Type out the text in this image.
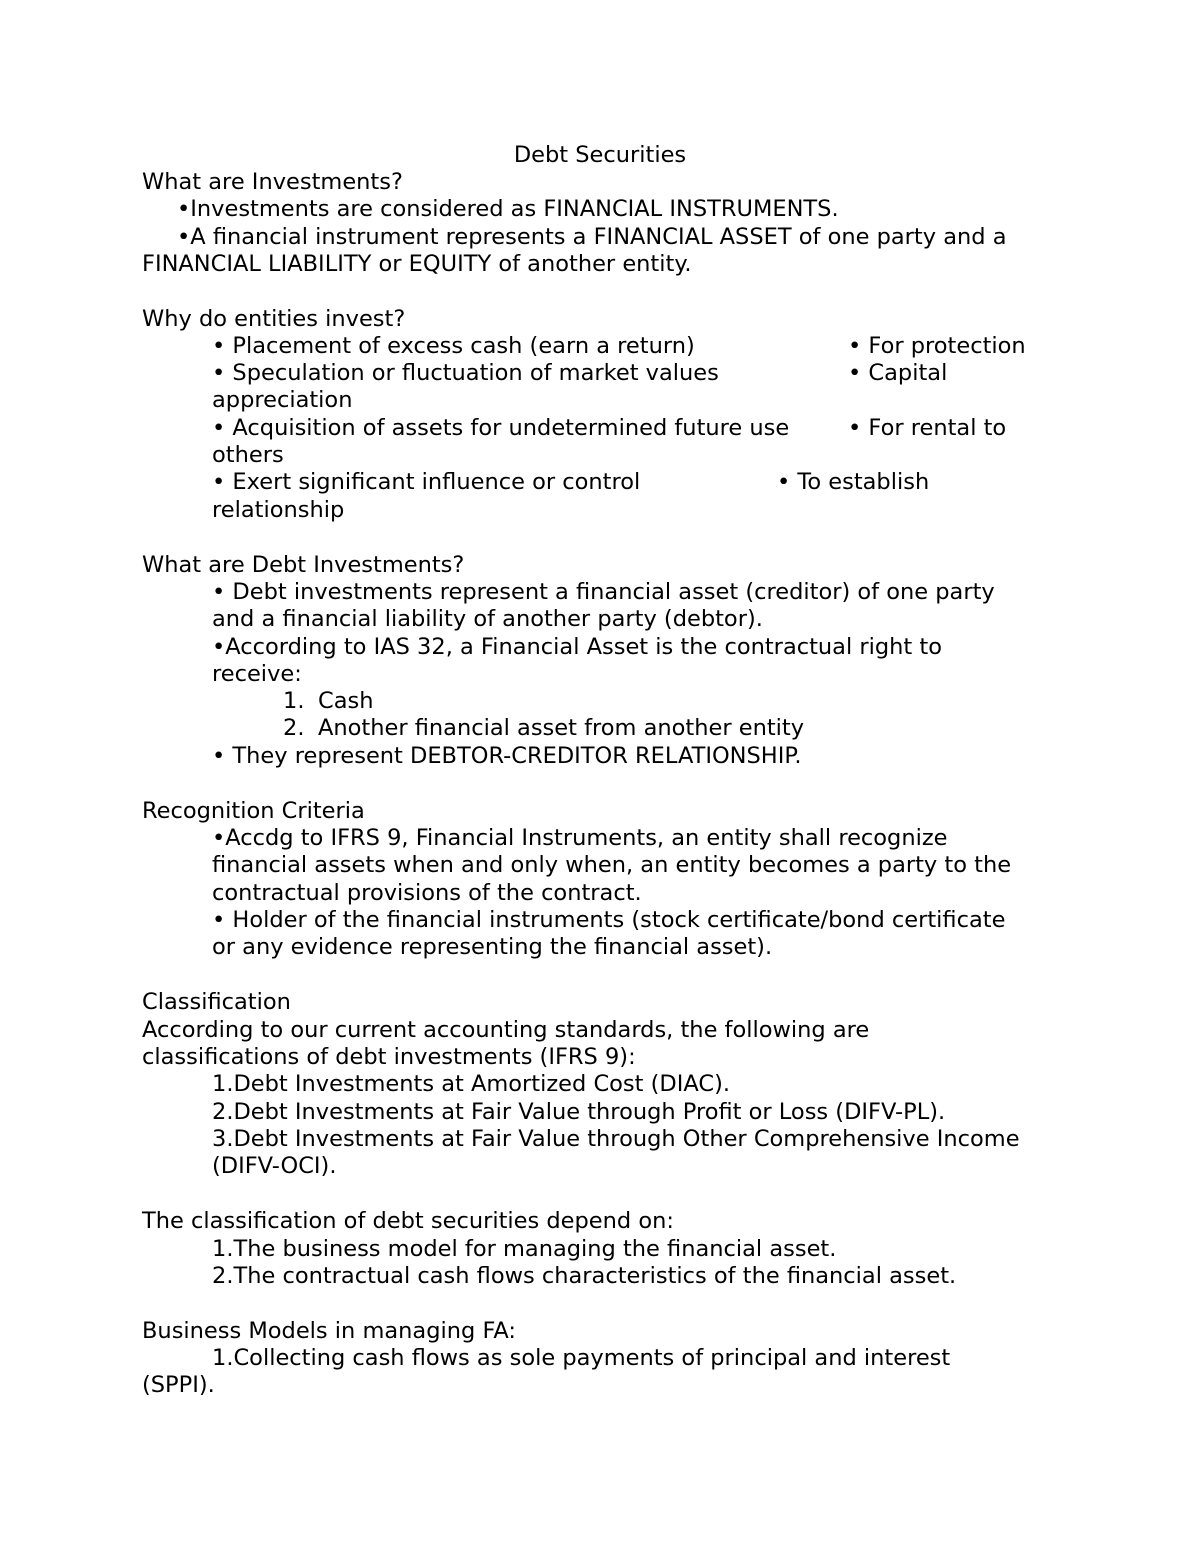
Debt Securities
What are Investments?
•Investments are considered as FINANCIAL INSTRUMENTS.
•A financial instrument represents a FINANCIAL ASSET of one party and a
FINANCIAL LIABILITY or EQUITY of another entity.
Why do entities invest?
• Placement of excess cash (earn a return)	• For protection
• Speculation or fluctuation of market values	• Capital
appreciation
• Acquisition of assets for undetermined future use	• For rental to
others
• Exert significant influence or control	• To establish
relationship
What are Debt Investments?
• Debt investments represent a financial asset (creditor) of one party
and a financial liability of another party (debtor).
•According to IAS 32, a Financial Asset is the contractual right to
receive:
1. Cash
2. Another financial asset from another entity
• They represent DEBTOR-CREDITOR RELATIONSHIP.
Recognition Criteria
•Accdg to IFRS 9, Financial Instruments, an entity shall recognize
financial assets when and only when, an entity becomes a party to the
contractual provisions of the contract.
• Holder of the financial instruments (stock certificate/bond certificate
or any evidence representing the financial asset).
Classification
According to our current accounting standards, the following are
classifications of debt investments (IFRS 9):
1.Debt Investments at Amortized Cost (DIAC).
2.Debt Investments at Fair Value through Profit or Loss (DIFV-PL).
3.Debt Investments at Fair Value through Other Comprehensive Income
(DIFV-OCI).
The classification of debt securities depend on:
1.The business model for managing the financial asset.
2.The contractual cash flows characteristics of the financial asset.
Business Models in managing FA:
1.Collecting cash flows as sole payments of principal and interest
(SPPI).
